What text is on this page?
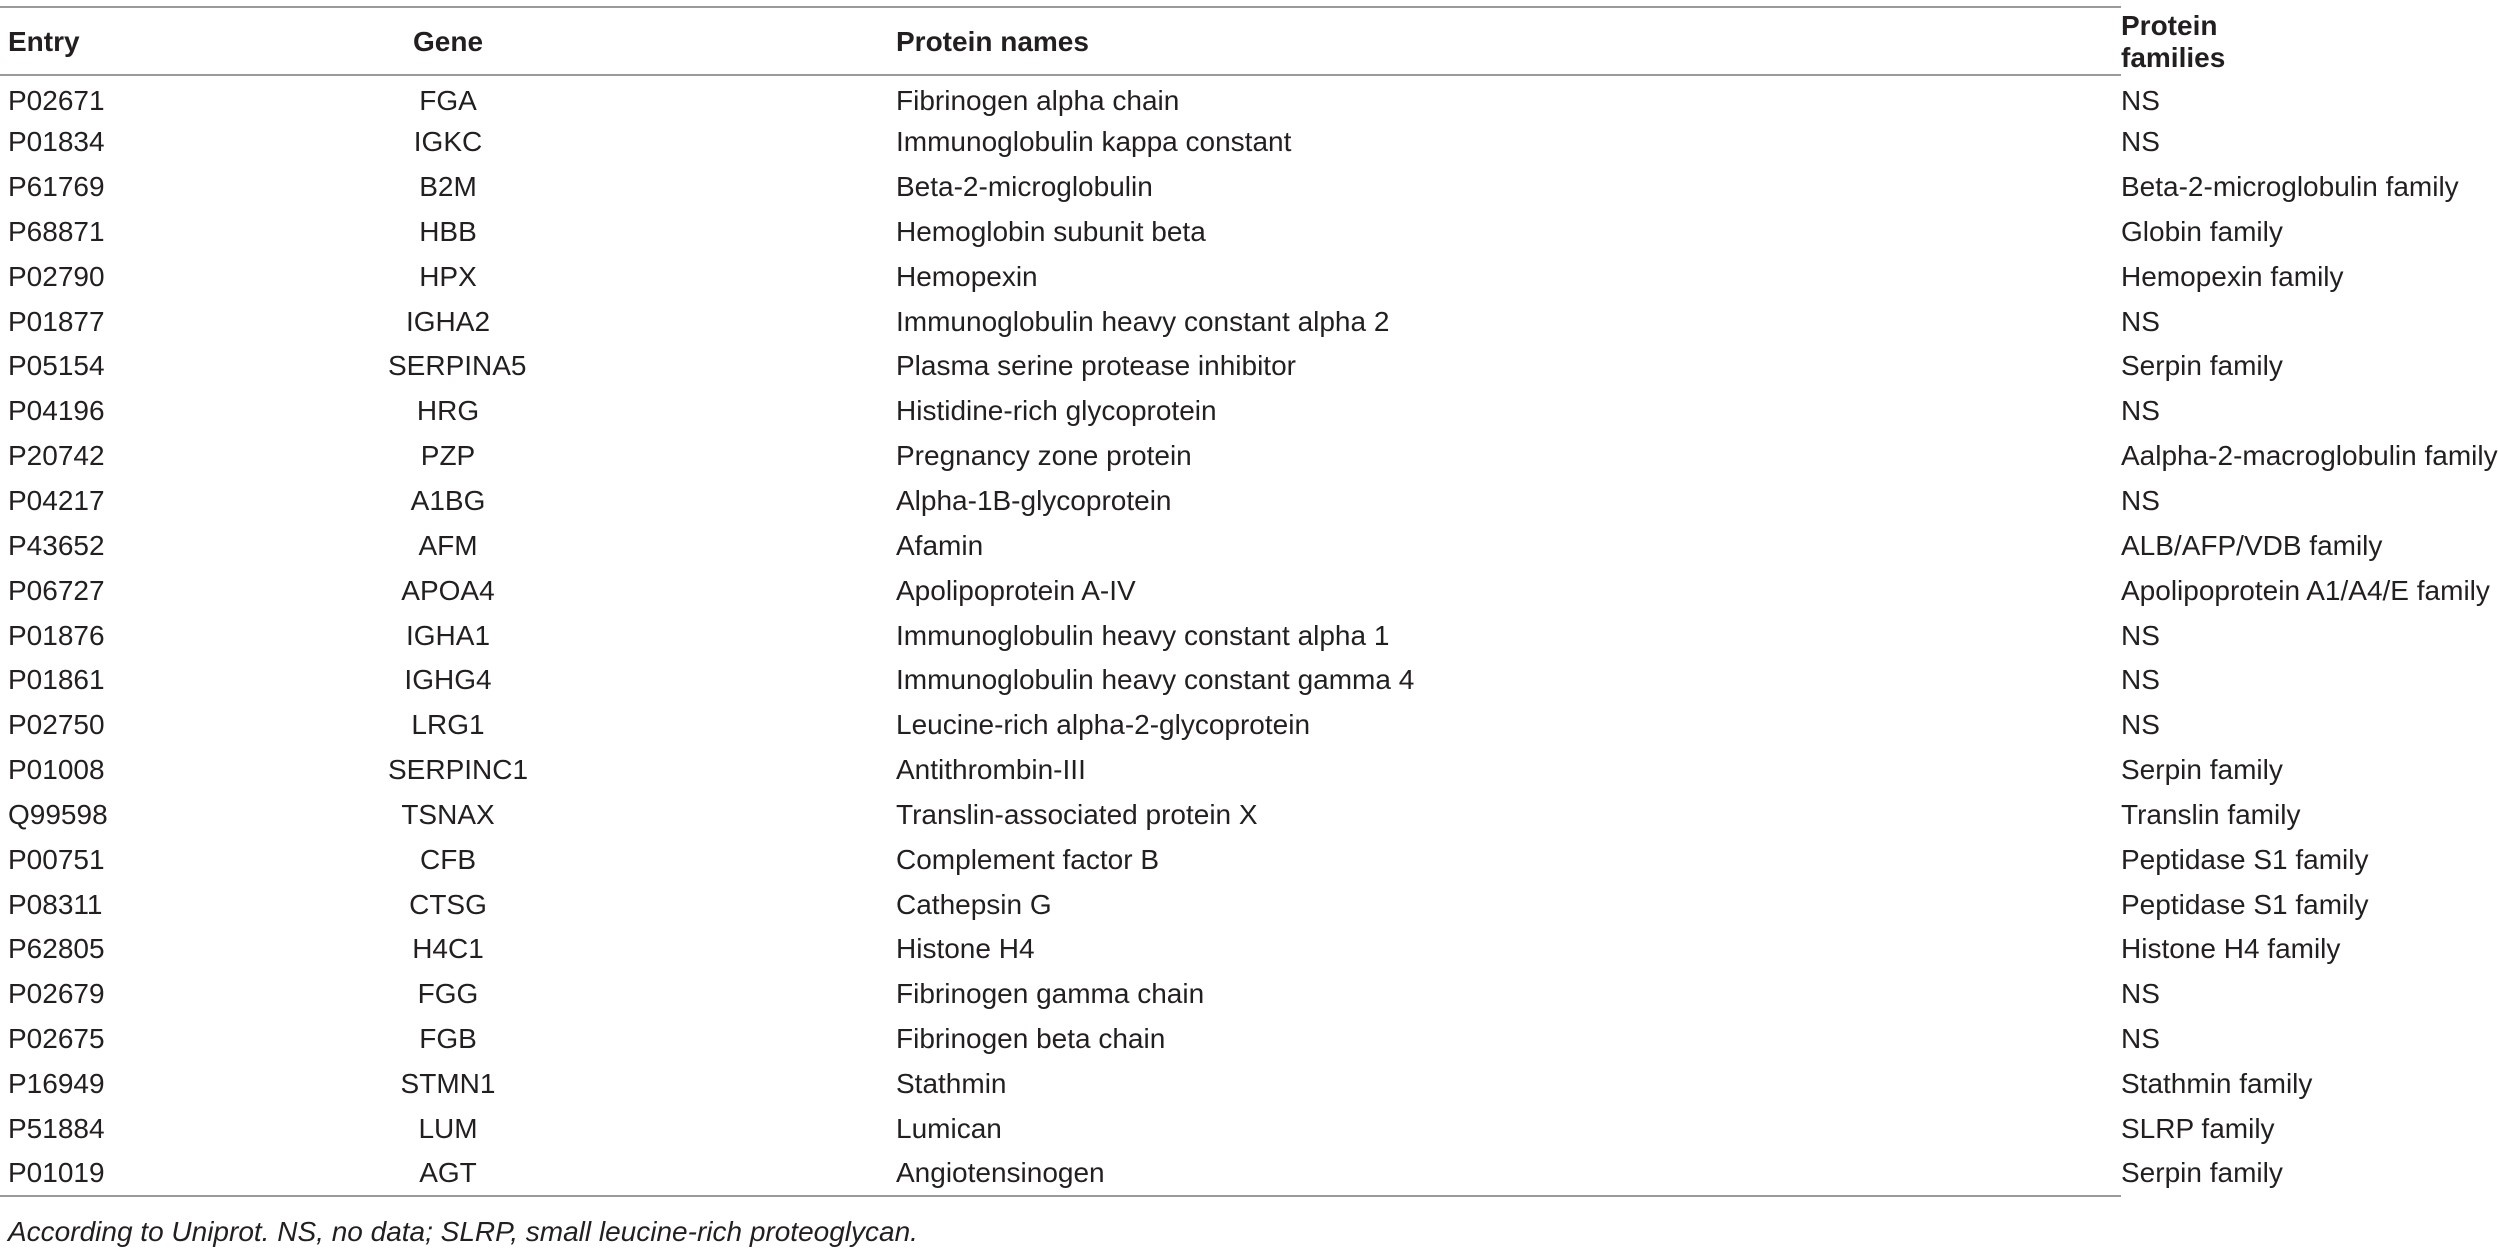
Entry	Gene	Protein names	Protein families
P02671	FGA	Fibrinogen alpha chain	NS
P01834	IGKC	Immunoglobulin kappa constant	NS
P61769	B2M	Beta-2-microglobulin	Beta-2-microglobulin family
P68871	HBB	Hemoglobin subunit beta	Globin family
P02790	HPX	Hemopexin	Hemopexin family
P01877	IGHA2	Immunoglobulin heavy constant alpha 2	NS
P05154	SERPINA5	Plasma serine protease inhibitor	Serpin family
P04196	HRG	Histidine-rich glycoprotein	NS
P20742	PZP	Pregnancy zone protein	Aalpha-2-macroglobulin family
P04217	A1BG	Alpha-1B-glycoprotein	NS
P43652	AFM	Afamin	ALB/AFP/VDB family
P06727	APOA4	Apolipoprotein A-IV	Apolipoprotein A1/A4/E family
P01876	IGHA1	Immunoglobulin heavy constant alpha 1	NS
P01861	IGHG4	Immunoglobulin heavy constant gamma 4	NS
P02750	LRG1	Leucine-rich alpha-2-glycoprotein	NS
P01008	SERPINC1	Antithrombin-III	Serpin family
Q99598	TSNAX	Translin-associated protein X	Translin family
P00751	CFB	Complement factor B	Peptidase S1 family
P08311	CTSG	Cathepsin G	Peptidase S1 family
P62805	H4C1	Histone H4	Histone H4 family
P02679	FGG	Fibrinogen gamma chain	NS
P02675	FGB	Fibrinogen beta chain	NS
P16949	STMN1	Stathmin	Stathmin family
P51884	LUM	Lumican	SLRP family
P01019	AGT	Angiotensinogen	Serpin family
According to Uniprot. NS, no data; SLRP, small leucine-rich proteoglycan.
